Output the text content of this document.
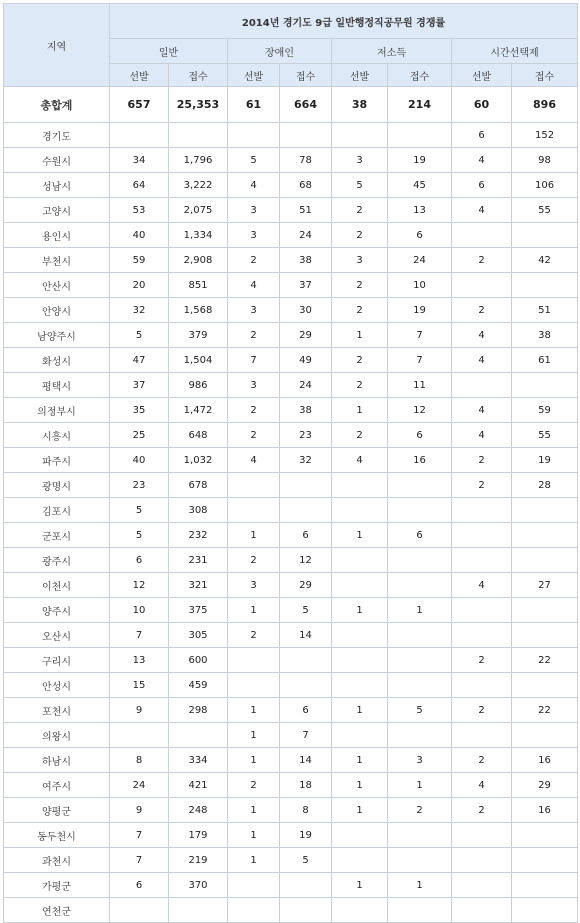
지역	2014년 경기도 9급 일반행정직공무원 경쟁률							
	일반		장애인		저소득		시간선택제	
	선발	접수	선발	접수	선발	접수	선발	접수
총합계	657	25,353	61	664	38	214	60	896
경기도							6	152
수원시	34	1,796	5	78	3	19	4	98
성남시	64	3,222	4	68	5	45	6	106
고양시	53	2,075	3	51	2	13	4	55
용인시	40	1,334	3	24	2	6		
부천시	59	2,908	2	38	3	24	2	42
안산시	20	851	4	37	2	10		
안양시	32	1,568	3	30	2	19	2	51
남양주시	5	379	2	29	1	7	4	38
화성시	47	1,504	7	49	2	7	4	61
평택시	37	986	3	24	2	11		
의정부시	35	1,472	2	38	1	12	4	59
시흥시	25	648	2	23	2	6	4	55
파주시	40	1,032	4	32	4	16	2	19
광명시	23	678					2	28
김포시	5	308						
군포시	5	232	1	6	1	6		
광주시	6	231	2	12				
이천시	12	321	3	29			4	27
양주시	10	375	1	5	1	1		
오산시	7	305	2	14				
구리시	13	600					2	22
안성시	15	459						
포천시	9	298	1	6	1	5	2	22
의왕시			1	7				
하남시	8	334	1	14	1	3	2	16
여주시	24	421	2	18	1	1	4	29
양평군	9	248	1	8	1	2	2	16
동두천시	7	179	1	19				
과천시	7	219	1	5				
가평군	6	370			1	1		
연천군								
